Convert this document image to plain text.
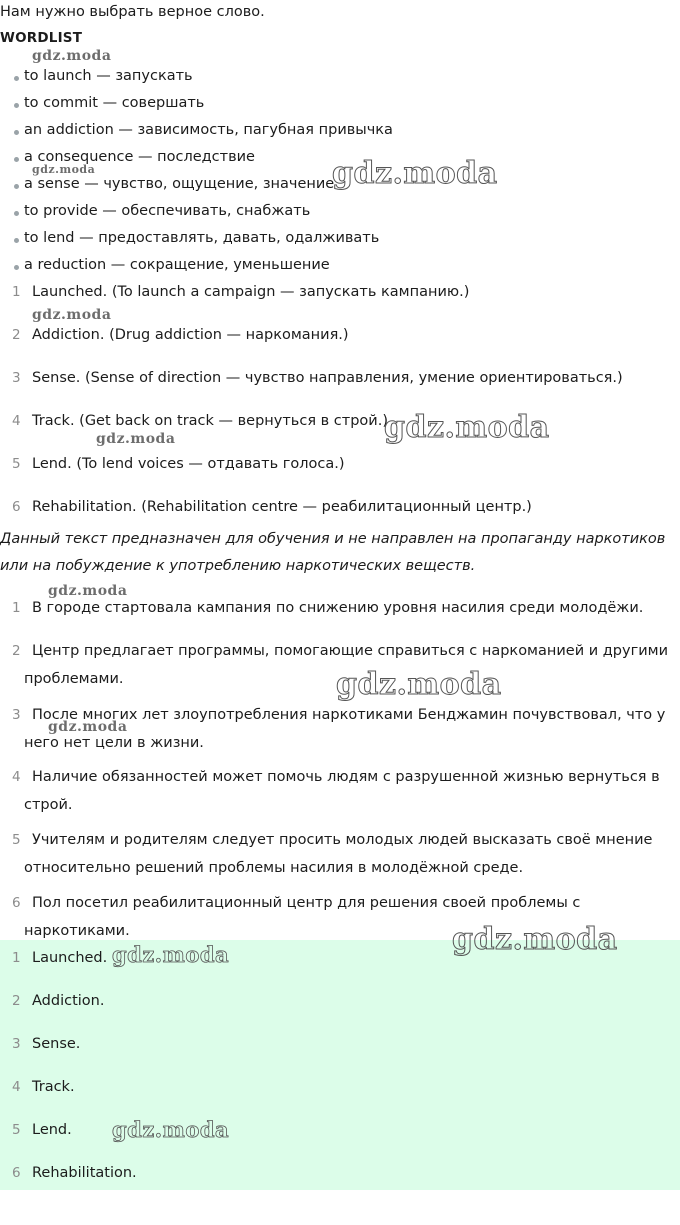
Нам нужно выбрать верное слово.
WORDLIST
to launch — запускать
to commit — совершать
an addiction — зависимость, пагубная привычка
a consequence — последствие
a sense — чувство, ощущение, значение
to provide — обеспечивать, снабжать
to lend — предоставлять, давать, одалживать
a reduction — сокращение, уменьшение
1 Launched. (To launch a campaign — запускать кампанию.)
2 Addiction. (Drug addiction — наркомания.)
3 Sense. (Sense of direction — чувство направления, умение ориентироваться.)
4 Track. (Get back on track — вернуться в строй.)
5 Lend. (To lend voices — отдавать голоса.)
6 Rehabilitation. (Rehabilitation centre — реабилитационный центр.)
Данный текст предназначен для обучения и не направлен на пропаганду наркотиков
или на побуждение к употреблению наркотических веществ.
1 В городе стартовала кампания по снижению уровня насилия среди молодёжи.
2 Центр предлагает программы, помогающие справиться с наркоманией и другими
проблемами.
3 После многих лет злоупотребления наркотиками Бенджамин почувствовал, что у
него нет цели в жизни.
4 Наличие обязанностей может помочь людям с разрушенной жизнью вернуться в
строй.
5 Учителям и родителям следует просить молодых людей высказать своё мнение
относительно решений проблемы насилия в молодёжной среде.
6 Пол посетил реабилитационный центр для решения своей проблемы с
наркотиками.
1 Launched.
2 Addiction.
3 Sense.
4 Track.
5 Lend.
6 Rehabilitation.
gdz.moda
gdz.moda	gdz.moda
gdz.moda
gdz.moda
gdz.moda
gdz.moda
gdz.moda
gdz.moda
gdz.moda
gdz.moda
gdz.moda
